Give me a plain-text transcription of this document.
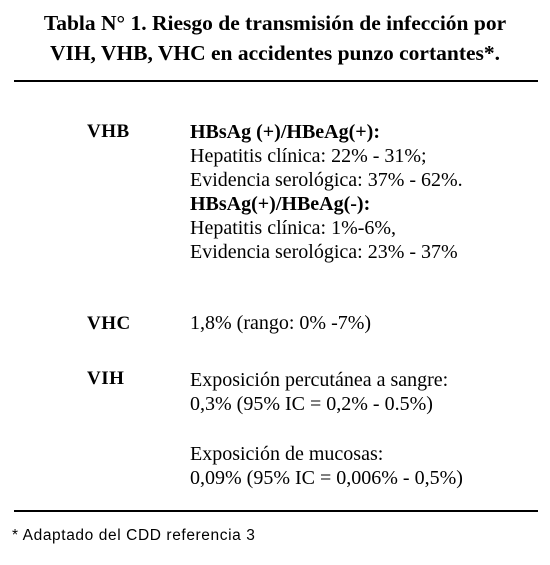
Tabla N° 1. Riesgo de transmisión de infección por
VIH, VHB, VHC en accidentes punzo cortantes*.
VHB	HBsAg (+)/HBeAg(+):
Hepatitis clínica: 22% - 31%;
Evidencia serológica: 37% - 62%.
HBsAg(+)/HBeAg(-):
Hepatitis clínica: 1%-6%,
Evidencia serológica: 23% - 37%
VHC	1,8% (rango: 0% -7%)
VIH	Exposición percutánea a sangre:
0,3% (95% IC = 0,2% - 0.5%)
Exposición de mucosas:
0,09% (95% IC = 0,006% - 0,5%)
* Adaptado del CDD referencia 3
